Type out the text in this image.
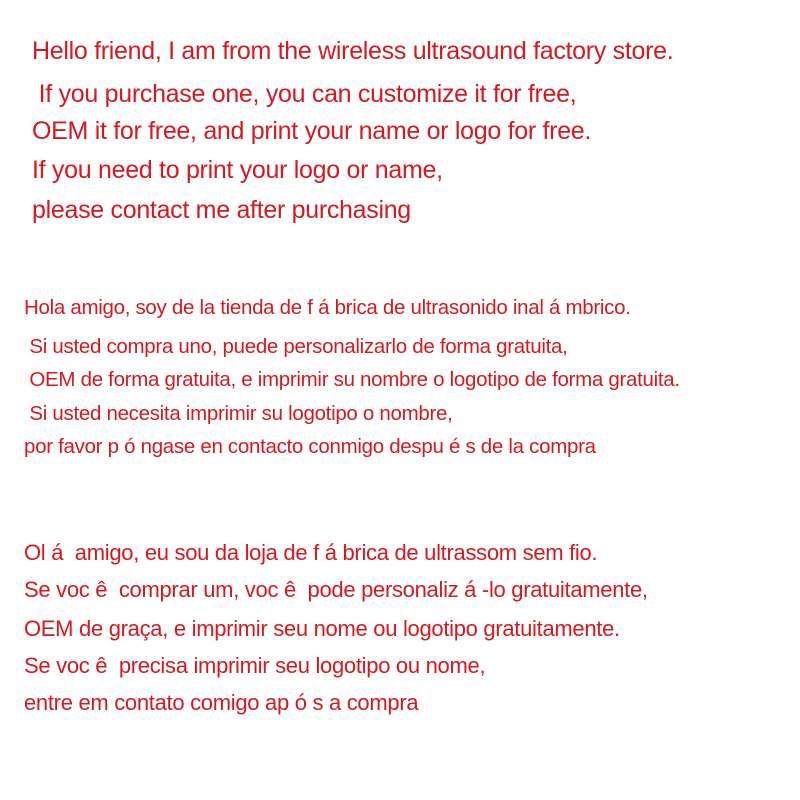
Hello friend, I am from the wireless ultrasound factory store.
If you purchase one, you can customize it for free,
OEM it for free, and print your name or logo for free.
If you need to print your logo or name,
please contact me after purchasing
Hola amigo, soy de la tienda de f á brica de ultrasonido inal á mbrico.
Si usted compra uno, puede personalizarlo de forma gratuita,
OEM de forma gratuita, e imprimir su nombre o logotipo de forma gratuita.
Si usted necesita imprimir su logotipo o nombre,
por favor p ó ngase en contacto conmigo despu é s de la compra
Ol á  amigo, eu sou da loja de f á brica de ultrassom sem fio.
Se voc ê  comprar um, voc ê  pode personaliz á -lo gratuitamente,
OEM de graça, e imprimir seu nome ou logotipo gratuitamente.
Se voc ê  precisa imprimir seu logotipo ou nome,
entre em contato comigo ap ó s a compra
